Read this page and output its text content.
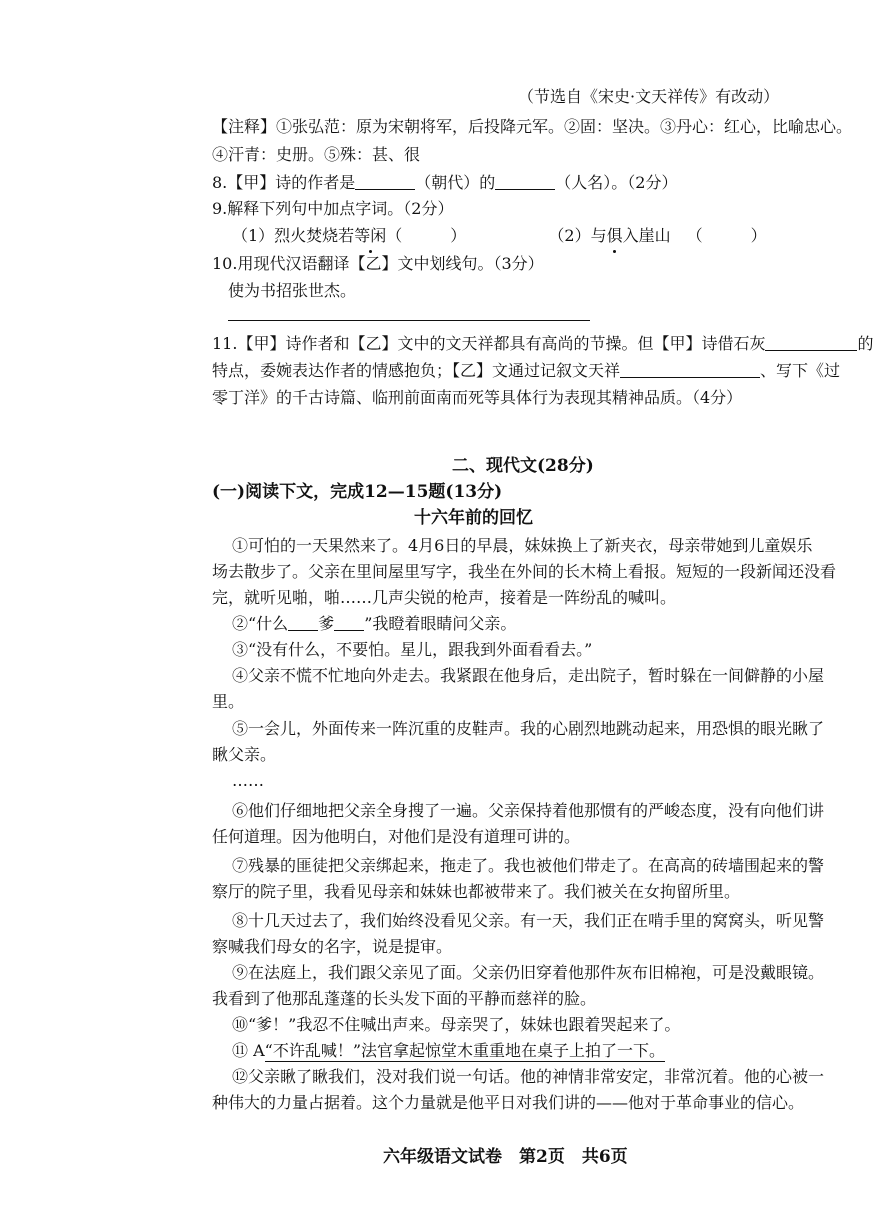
（节选自《宋史·文天祥传》有改动）
【注释】①张弘范：原为宋朝将军，后投降元军。②固：坚决。③丹心：红心，比喻忠心。
④汗青：史册。⑤殊：甚、很
8.【甲】诗的作者是	（朝代）的	（人名）。（2分）
9.解释下列句中加点字词。（2分）
（1）烈火焚烧若等闲（　　　）	（2）与俱入崖山 （　　　）
10.用现代汉语翻译【乙】文中划线句。（3分）
使为书招张世杰。
11.【甲】诗作者和【乙】文中的文天祥都具有高尚的节操。但【甲】诗借石灰	的
特点，委婉表达作者的情感抱负；【乙】文通过记叙文天祥	、写下《过
零丁洋》的千古诗篇、临刑前面南而死等具体行为表现其精神品质。（4分）
二、现代文(28分)
(一)阅读下文，完成12—15题(13分)
十六年前的回忆
①可怕的一天果然来了。4月6日的早晨，妹妹换上了新夹衣，母亲带她到儿童娱乐
场去散步了。父亲在里间屋里写字，我坐在外间的长木椅上看报。短短的一段新闻还没看
完，就听见啪，啪……几声尖锐的枪声，接着是一阵纷乱的喊叫。
②“什么 爹 ”我瞪着眼睛问父亲。
③“没有什么，不要怕。星儿，跟我到外面看看去。”
④父亲不慌不忙地向外走去。我紧跟在他身后，走出院子，暂时躲在一间僻静的小屋
里。
⑤一会儿，外面传来一阵沉重的皮鞋声。我的心剧烈地跳动起来，用恐惧的眼光瞅了
瞅父亲。
……
⑥他们仔细地把父亲全身搜了一遍。父亲保持着他那惯有的严峻态度，没有向他们讲
任何道理。因为他明白，对他们是没有道理可讲的。
⑦残暴的匪徒把父亲绑起来，拖走了。我也被他们带走了。在高高的砖墙围起来的警
察厅的院子里，我看见母亲和妹妹也都被带来了。我们被关在女拘留所里。
⑧十几天过去了，我们始终没看见父亲。有一天，我们正在啃手里的窝窝头，听见警
察喊我们母女的名字，说是提审。
⑨在法庭上，我们跟父亲见了面。父亲仍旧穿着他那件灰布旧棉袍，可是没戴眼镜。
我看到了他那乱蓬蓬的长头发下面的平静而慈祥的脸。
⑩“爹！”我忍不住喊出声来。母亲哭了，妹妹也跟着哭起来了。
⑪ A“不许乱喊！”法官拿起惊堂木重重地在桌子上拍了一下。
⑫父亲瞅了瞅我们，没对我们说一句话。他的神情非常安定，非常沉着。他的心被一
种伟大的力量占据着。这个力量就是他平日对我们讲的——他对于革命事业的信心。
六年级语文试卷　第2页　共6页
